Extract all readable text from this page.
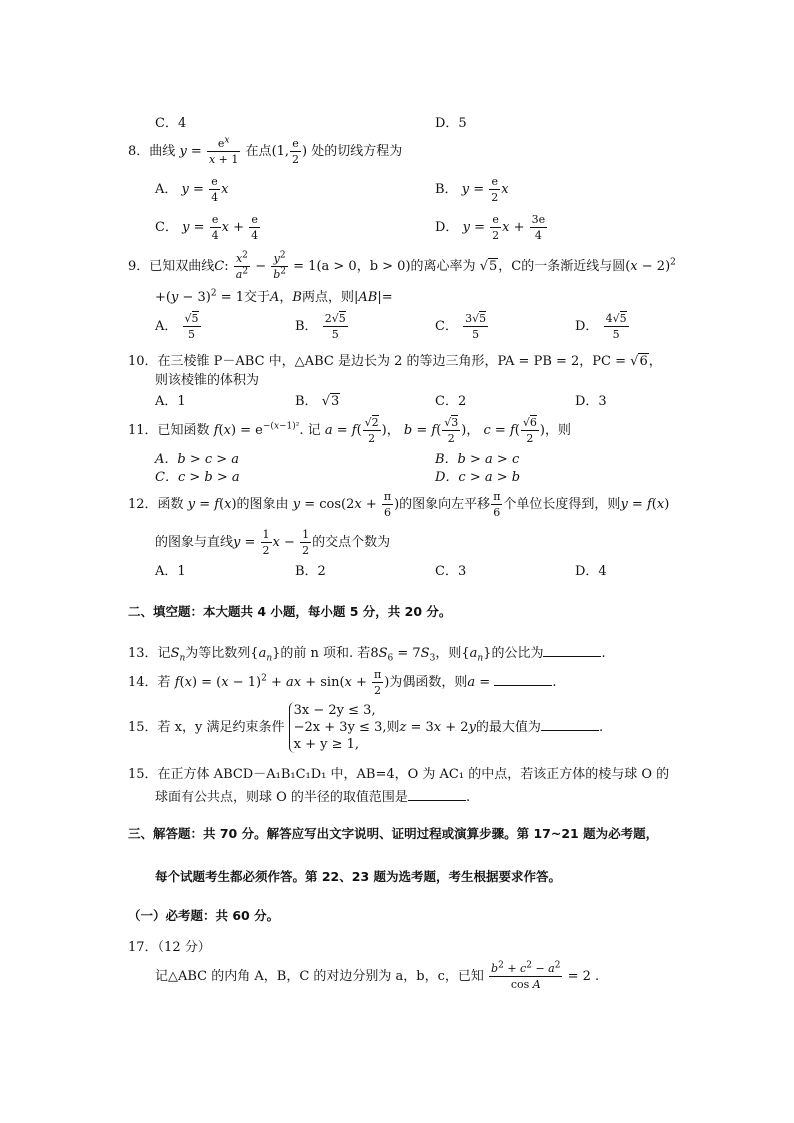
C．4	D．5
8．曲线 $y = \frac{e^x}{x + 1}$ 在点(1, $\frac{e}{2}$ ) 处的切线方程为
A． $y = \frac{e}{4}$ x	B． $y = \frac{e}{2}$ x
C． $y = \frac{e}{4}$ $x + \frac{e}{4}$	D． $y = \frac{e}{2}$ $x + \frac{3e}{4}$
9．已知双曲线C: $\frac{x^2}{a^2} - \frac{y^2}{b^2} = 1(a > 0$，b > 0)的离心率为 √5，C的一条渐近线与圆$(x - 2)^2$
$+(y - 3)^2 = 1$交于A，B两点，则|AB|=
A． $\frac{√5}{5}$	B． $\frac{2√5}{5}$	C． $\frac{3√5}{5}$	D． $\frac{4√5}{5}$
10．在三棱锥 P－ABC 中，△ABC 是边长为 2 的等边三角形，PA = PB = 2，PC = √6，
则该棱锥的体积为
A．1	B． √3	C．2	D．3
11．已知函数 $f(x) = e^{-(x-1)^2}$. 记 $a = f( \frac{√2}{2}$ )， $b = f( \frac{√3}{2}$ )， $c = f( \frac{√6}{2}$ )，则
A．b > c > a	B．b > a > c
C．c > b > a	D．c > a > b
12．函数 y = f(x)的图象由 $y = \cos(2x + \frac{\pi}{6}$ )的图象向左平移 $\frac{\pi}{6}$ 个单位长度得到，则y = f(x)
的图象与直线$y = \frac{1}{2}$ $x - \frac{1}{2}$ 的交点个数为
A．1	B．2	C．3	D．4
二、填空题：本大题共 4 小题，每小题 5 分，共 20 分。
13．记$S_n$为等比数列$\{a_n\}$的前 n 项和. 若$8S_6 = 7S_3$，则$\{a_n\}$的公比为	.
14．若 $f(x) = (x - 1)^2$ + ax + $\sin(x + \frac{\pi}{2}$ )为偶函数，则a =	.
15．若 x，y 满足约束条件
3x − 2y ≤ 3,
−2x + 3y ≤ 3,
x + y ≥ 1,
则z = 3x + 2y的最大值为	.
15．在正方体 ABCD－A₁B₁C₁D₁ 中，AB=4，O 为 AC₁ 的中点，若该正方体的棱与球 O 的
球面有公共点，则球 O 的半径的取值范围是	.
三、解答题：共 70 分。解答应写出文字说明、证明过程或演算步骤。第 17~21 题为必考题，
每个试题考生都必须作答。第 22、23 题为选考题，考生根据要求作答。
（一）必考题：共 60 分。
17．（12 分）
记△ABC 的内角 A，B，C 的对边分别为 a，b，c，已知 $\frac{b^2 + c^2 - a^2}{\text{cos A}} = 2$ .
